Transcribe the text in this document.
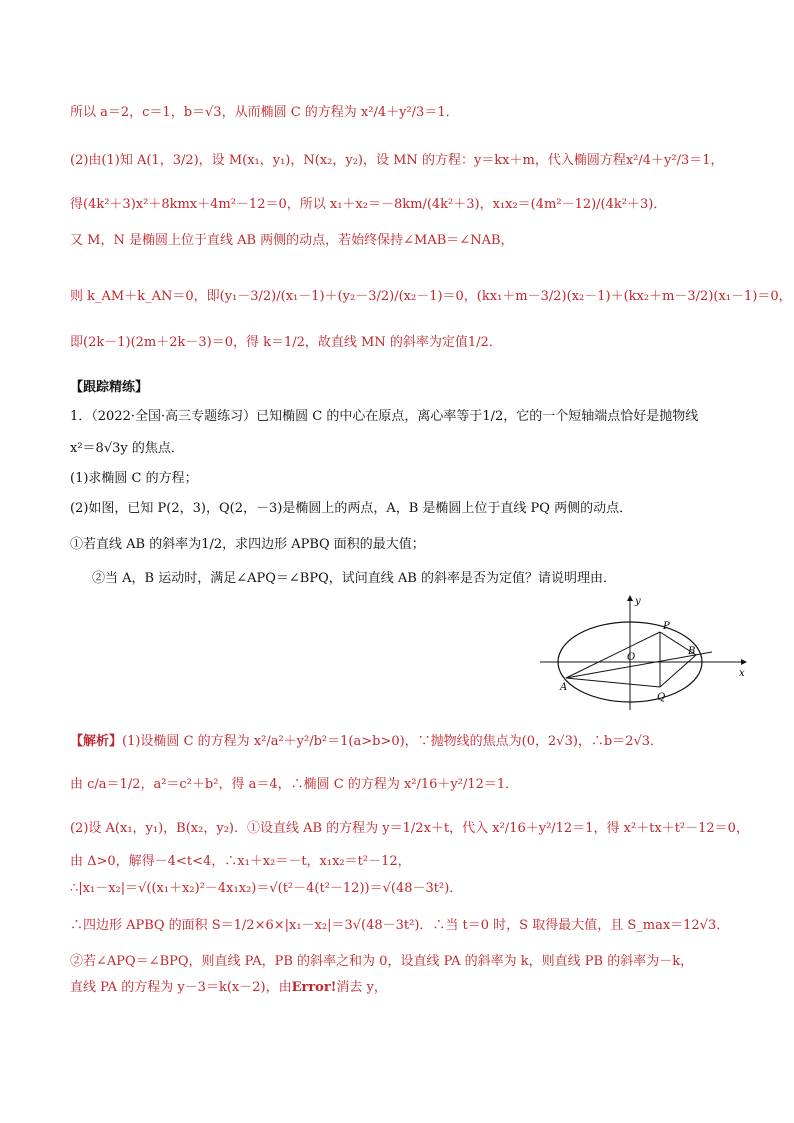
所以 a＝2，c＝1，b＝√3，从而椭圆 C 的方程为 x²/4＋y²/3＝1．
(2)由(1)知 A(1，3/2)，设 M(x₁，y₁)，N(x₂，y₂)，设 MN 的方程：y＝kx＋m，代入椭圆方程x²/4＋y²/3＝1，
得(4k²＋3)x²＋8kmx＋4m²－12＝0，所以 x₁＋x₂＝－8km/(4k²＋3)，x₁x₂＝(4m²－12)/(4k²＋3)．
又 M，N 是椭圆上位于直线 AB 两侧的动点，若始终保持∠MAB＝∠NAB，
则 k_AM＋k_AN＝0，即(y₁－3/2)/(x₁－1)＋(y₂－3/2)/(x₂－1)＝0，(kx₁＋m－3/2)(x₂－1)＋(kx₂＋m－3/2)(x₁－1)＝0，
即(2k－1)(2m＋2k－3)＝0，得 k＝1/2，故直线 MN 的斜率为定值1/2．
【跟踪精练】
1．（2022·全国·高三专题练习）已知椭圆 C 的中心在原点，离心率等于1/2，它的一个短轴端点恰好是抛物线
x²＝8√3y 的焦点．
(1)求椭圆 C 的方程；
(2)如图，已知 P(2，3)，Q(2，－3)是椭圆上的两点，A，B 是椭圆上位于直线 PQ 两侧的动点．
①若直线 AB 的斜率为1/2，求四边形 APBQ 面积的最大值；
②当 A，B 运动时，满足∠APQ＝∠BPQ，试问直线 AB 的斜率是否为定值？请说明理由．
y
x
P
O
B
A
Q
【解析】(1)设椭圆 C 的方程为 x²/a²＋y²/b²＝1(a>b>0)，∵抛物线的焦点为(0，2√3)，∴b＝2√3．
由 c/a＝1/2，a²＝c²＋b²，得 a＝4，∴椭圆 C 的方程为 x²/16＋y²/12＝1．
(2)设 A(x₁，y₁)，B(x₂，y₂)．①设直线 AB 的方程为 y＝1/2x＋t，代入 x²/16＋y²/12＝1，得 x²＋tx＋t²－12＝0，
由 Δ>0，解得－4<t<4，∴x₁＋x₂＝－t，x₁x₂＝t²－12，
∴|x₁－x₂|＝√((x₁＋x₂)²－4x₁x₂)＝√(t²－4(t²－12))＝√(48－3t²)．
∴四边形 APBQ 的面积 S＝1/2×6×|x₁－x₂|＝3√(48－3t²)．∴当 t＝0 时，S 取得最大值，且 S_max＝12√3．
②若∠APQ＝∠BPQ，则直线 PA，PB 的斜率之和为 0，设直线 PA 的斜率为 k，则直线 PB 的斜率为－k，
直线 PA 的方程为 y－3＝k(x－2)，由Error!消去 y，
